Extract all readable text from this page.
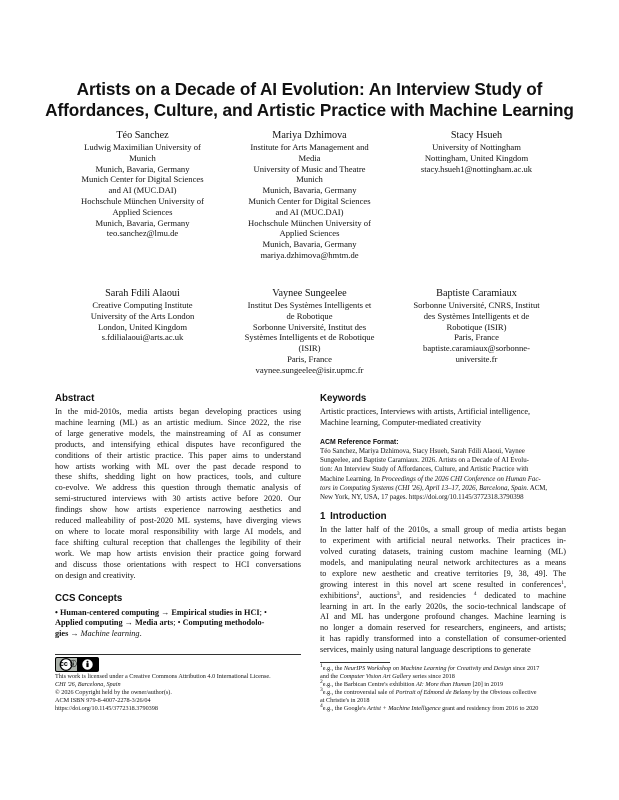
Artists on a Decade of AI Evolution: An Interview Study of
Affordances, Culture, and Artistic Practice with Machine Learning
Téo Sanchez
Ludwig Maximilian University of
Munich
Munich, Bavaria, Germany
Munich Center for Digital Sciences
and AI (MUC.DAI)
Hochschule München University of
Applied Sciences
Munich, Bavaria, Germany
teo.sanchez@lmu.de
Mariya Dzhimova
Institute for Arts Management and
Media
University of Music and Theatre
Munich
Munich, Bavaria, Germany
Munich Center for Digital Sciences
and AI (MUC.DAI)
Hochschule München University of
Applied Sciences
Munich, Bavaria, Germany
mariya.dzhimova@hmtm.de
Stacy Hsueh
University of Nottingham
Nottingham, United Kingdom
stacy.hsueh1@nottingham.ac.uk
Sarah Fdili Alaoui
Creative Computing Institute
University of the Arts London
London, United Kingdom
s.fdilialaoui@arts.ac.uk
Vaynee Sungeelee
Institut Des Systèmes Intelligents et
de Robotique
Sorbonne Université, Institut des
Systèmes Intelligents et de Robotique
(ISIR)
Paris, France
vaynee.sungeelee@isir.upmc.fr
Baptiste Caramiaux
Sorbonne Université, CNRS, Institut
des Systèmes Intelligents et de
Robotique (ISIR)
Paris, France
baptiste.caramiaux@sorbonne-
universite.fr
Abstract
In the mid-2010s, media artists began developing practices using
machine learning (ML) as an artistic medium. Since 2022, the rise
of large generative models, the mainstreaming of AI as consumer
products, and intensifying ethical disputes have reconfigured the
conditions of their artistic practice. This paper aims to understand
how artists working with ML over the past decade respond to
these shifts, shedding light on how practices, tools, and culture
co-evolve. We address this question through thematic analysis of
semi-structured interviews with 30 artists active before 2020. Our
findings show how artists experience narrowing aesthetics and
reduced malleability of post-2020 ML systems, have diverging views
on where to locate moral responsibility with large AI models, and
face shifting cultural reception that challenges the legibility of their
work. We map how artists envision their practice going forward
and discuss those orientations with respect to HCI conversations
on design and creativity.
CCS Concepts
• Human-centered computing → Empirical studies in HCI; •
Applied computing → Media arts; • Computing methodolo-
gies → Machine learning.
cc ⓘ
This work is licensed under a Creative Commons Attribution 4.0 International License.
CHI '26, Barcelona, Spain
© 2026 Copyright held by the owner/author(s).
ACM ISBN 979-8-4007-2278-3/26/04
https://doi.org/10.1145/3772318.3790398
Keywords
Artistic practices, Interviews with artists, Artificial intelligence,
Machine learning, Computer-mediated creativity
ACM Reference Format:
Téo Sanchez, Mariya Dzhimova, Stacy Hsueh, Sarah Fdili Alaoui, Vaynee
Sungeelee, and Baptiste Caramiaux. 2026. Artists on a Decade of AI Evolu-
tion: An Interview Study of Affordances, Culture, and Artistic Practice with
Machine Learning. In Proceedings of the 2026 CHI Conference on Human Fac-
tors in Computing Systems (CHI '26), April 13–17, 2026, Barcelona, Spain. ACM,
New York, NY, USA, 17 pages. https://doi.org/10.1145/3772318.3790398
1 Introduction
In the latter half of the 2010s, a small group of media artists began
to experiment with artificial neural networks. Their practices in-
volved curating datasets, training custom machine learning (ML)
models, and manipulating neural network architectures as a means
to explore new aesthetic and creative territories [9, 38, 49]. The
growing interest in this novel art scene resulted in conferences$^1$,
exhibitions$^2$, auctions$^3$, and residencies $^4$ dedicated to machine
learning in art. In the early 2020s, the socio-technical landscape of
AI and ML has undergone profound changes. Machine learning is
no longer a domain reserved for researchers, engineers, and artists;
it has rapidly transformed into a constellation of consumer-oriented
services, mainly using natural language descriptions to generate
$^1$e.g., the NeurIPS Workshop on Machine Learning for Creativity and Design since 2017
and the Computer Vision Art Gallery series since 2018
$^2$e.g., the Barbican Centre's exhibition AI: More than Human [20] in 2019
$^3$e.g., the controversial sale of Portrait of Edmond de Belamy by the Obvious collective
at Christie's in 2018
$^4$e.g., the Google's Artist + Machine Intelligence grant and residency from 2016 to 2020
